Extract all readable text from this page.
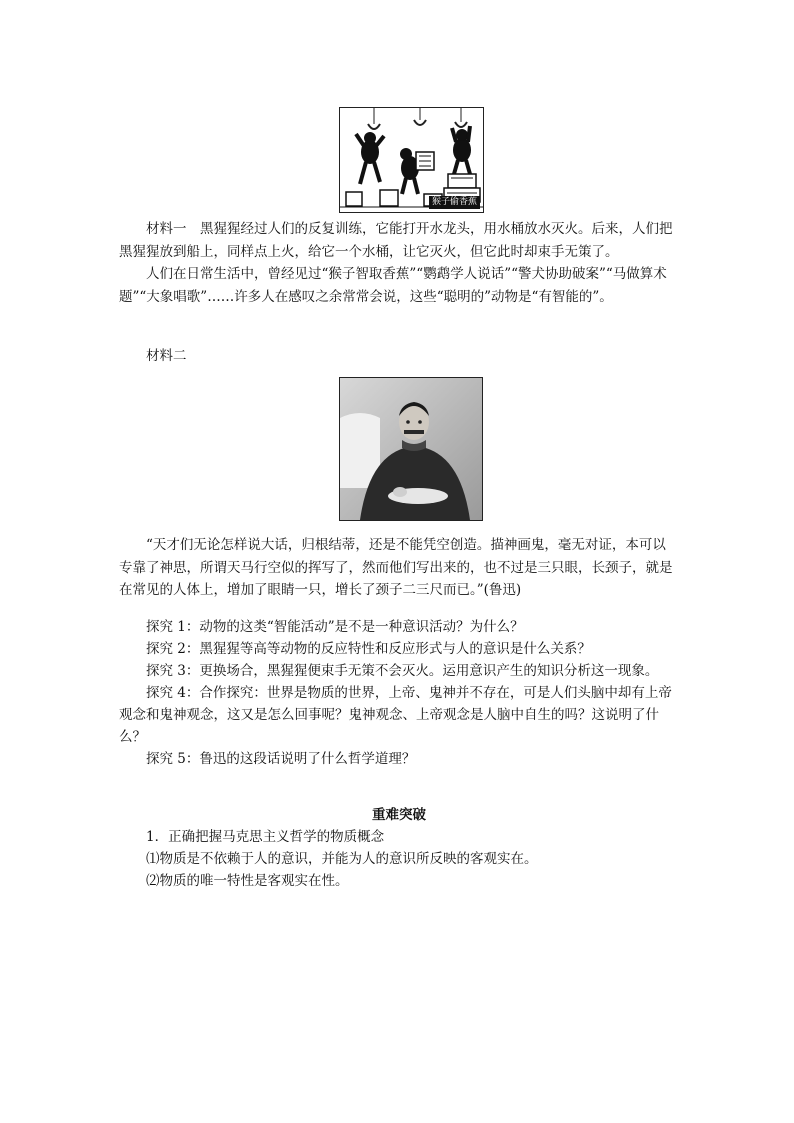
猴子偷香蕉

材料一　黑猩猩经过人们的反复训练，它能打开水龙头，用水桶放水灭火。后来，人们把黑猩猩放到船上，同样点上火，给它一个水桶，让它灭火，但它此时却束手无策了。

人们在日常生活中，曾经见过“猴子智取香蕉”“鹦鹉学人说话”“警犬协助破案”“马做算术题”“大象唱歌”……许多人在感叹之余常常会说，这些“聪明的”动物是“有智能的”。

材料二

“天才们无论怎样说大话，归根结蒂，还是不能凭空创造。描神画鬼，毫无对证，本可以专靠了神思，所谓天马行空似的挥写了，然而他们写出来的，也不过是三只眼，长颈子，就是在常见的人体上，增加了眼睛一只，增长了颈子二三尺而已。”(鲁迅)

探究 1：动物的这类“智能活动”是不是一种意识活动？为什么？

探究 2：黑猩猩等高等动物的反应特性和反应形式与人的意识是什么关系？

探究 3：更换场合，黑猩猩便束手无策不会灭火。运用意识产生的知识分析这一现象。

探究 4：合作探究：世界是物质的世界，上帝、鬼神并不存在，可是人们头脑中却有上帝观念和鬼神观念，这又是怎么回事呢？鬼神观念、上帝观念是人脑中自生的吗？这说明了什么？

探究 5：鲁迅的这段话说明了什么哲学道理？

重难突破

1．正确把握马克思主义哲学的物质概念

⑴物质是不依赖于人的意识，并能为人的意识所反映的客观实在。

⑵物质的唯一特性是客观实在性。
